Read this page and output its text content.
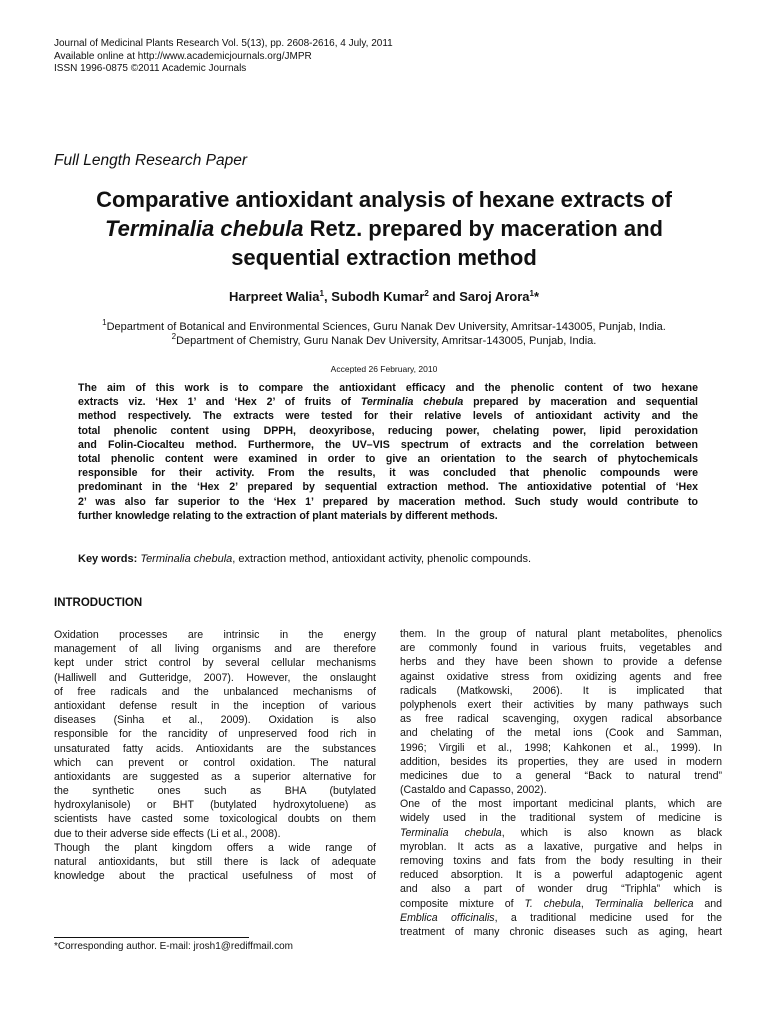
Journal of Medicinal Plants Research Vol. 5(13), pp. 2608-2616, 4 July, 2011
Available online at http://www.academicjournals.org/JMPR
ISSN 1996-0875 ©2011 Academic Journals
Full Length Research Paper
Comparative antioxidant analysis of hexane extracts of
Terminalia chebula Retz. prepared by maceration and
sequential extraction method
Harpreet Walia$^1$, Subodh Kumar$^2$ and Saroj Arora$^1$*
$^1$Department of Botanical and Environmental Sciences, Guru Nanak Dev University, Amritsar-143005, Punjab, India.
$^2$Department of Chemistry, Guru Nanak Dev University, Amritsar-143005, Punjab, India.
Accepted 26 February, 2010
The aim of this work is to compare the antioxidant efficacy and the phenolic content of two hexane
extracts viz. ‘Hex 1’ and ‘Hex 2’ of fruits of Terminalia chebula prepared by maceration and sequential
method respectively. The extracts were tested for their relative levels of antioxidant activity and the
total phenolic content using DPPH, deoxyribose, reducing power, chelating power, lipid peroxidation
and Folin-Ciocalteu method. Furthermore, the UV–VIS spectrum of extracts and the correlation between
total phenolic content were examined in order to give an orientation to the search of phytochemicals
responsible for their activity. From the results, it was concluded that phenolic compounds were
predominant in the ‘Hex 2’ prepared by sequential extraction method. The antioxidative potential of ‘Hex
2’ was also far superior to the ‘Hex 1’ prepared by maceration method. Such study would contribute to
further knowledge relating to the extraction of plant materials by different methods.
Key words: Terminalia chebula, extraction method, antioxidant activity, phenolic compounds.
INTRODUCTION
Oxidation processes are intrinsic in the energy
management of all living organisms and are therefore
kept under strict control by several cellular mechanisms
(Halliwell and Gutteridge, 2007). However, the onslaught
of free radicals and the unbalanced mechanisms of
antioxidant defense result in the inception of various
diseases (Sinha et al., 2009). Oxidation is also
responsible for the rancidity of unpreserved food rich in
unsaturated fatty acids. Antioxidants are the substances
which can prevent or control oxidation. The natural
antioxidants are suggested as a superior alternative for
the synthetic ones such as BHA (butylated
hydroxylanisole) or BHT (butylated hydroxytoluene) as
scientists have casted some toxicological doubts on them
due to their adverse side effects (Li et al., 2008).
Though the plant kingdom offers a wide range of
natural antioxidants, but still there is lack of adequate
knowledge about the practical usefulness of most of
them. In the group of natural plant metabolites, phenolics
are commonly found in various fruits, vegetables and
herbs and they have been shown to provide a defense
against oxidative stress from oxidizing agents and free
radicals (Matkowski, 2006). It is implicated that
polyphenols exert their activities by many pathways such
as free radical scavenging, oxygen radical absorbance
and chelating of the metal ions (Cook and Samman,
1996; Virgili et al., 1998; Kahkonen et al., 1999). In
addition, besides its properties, they are used in modern
medicines due to a general “Back to natural trend”
(Castaldo and Capasso, 2002).
One of the most important medicinal plants, which are
widely used in the traditional system of medicine is
Terminalia chebula, which is also known as black
myroblan. It acts as a laxative, purgative and helps in
removing toxins and fats from the body resulting in their
reduced absorption. It is a powerful adaptogenic agent
and also a part of wonder drug “Triphla” which is
composite mixture of T. chebula, Terminalia bellerica and
Emblica officinalis, a traditional medicine used for the
treatment of many chronic diseases such as aging, heart
*Corresponding author. E-mail: jrosh1@rediffmail.com
